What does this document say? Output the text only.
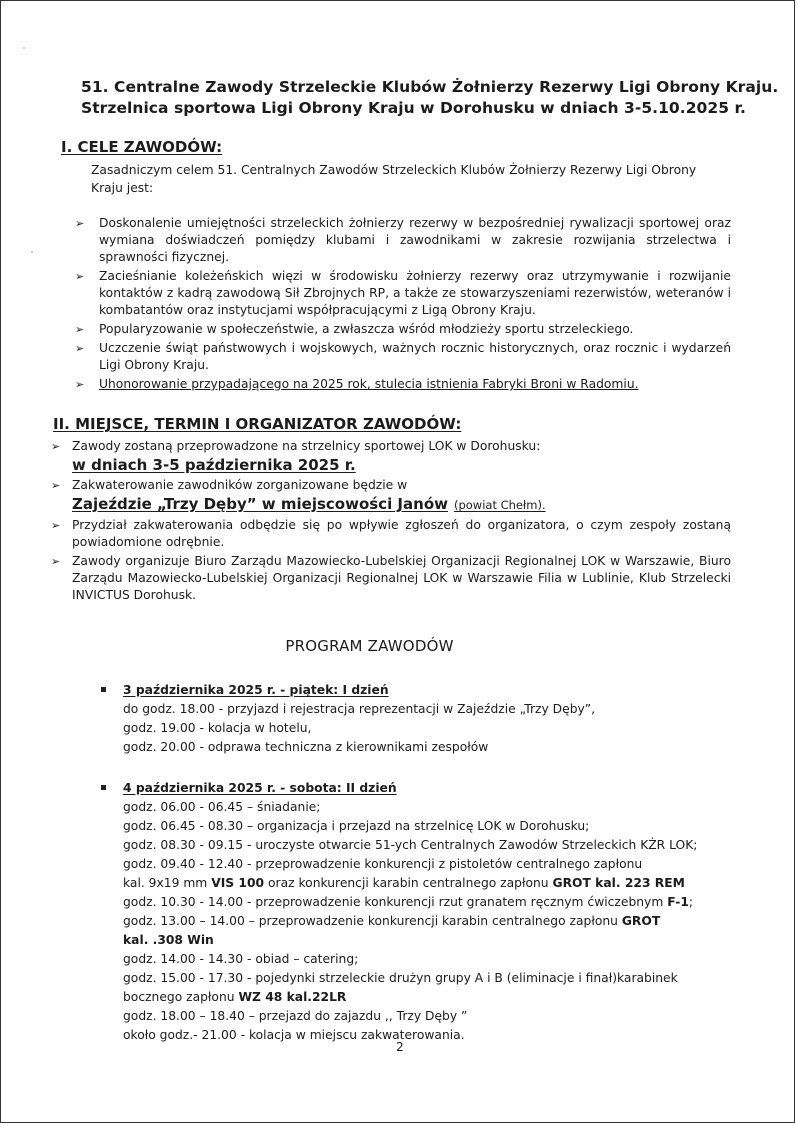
51. Centralne Zawody Strzeleckie Klubów Żołnierzy Rezerwy Ligi Obrony Kraju.
Strzelnica sportowa Ligi Obrony Kraju w Dorohusku w dniach 3-5.10.2025 r.
I. CELE ZAWODÓW:
Zasadniczym celem 51. Centralnych Zawodów Strzeleckich Klubów Żołnierzy Rezerwy Ligi Obrony Kraju jest:
➢ Doskonalenie umiejętności strzeleckich żołnierzy rezerwy w bezpośredniej rywalizacji sportowej oraz wymiana doświadczeń pomiędzy klubami i zawodnikami w zakresie rozwijania strzelectwa i sprawności fizycznej.
➢ Zacieśnianie koleżeńskich więzi w środowisku żołnierzy rezerwy oraz utrzymywanie i rozwijanie kontaktów z kadrą zawodową Sił Zbrojnych RP, a także ze stowarzyszeniami rezerwistów, weteranów i kombatantów oraz instytucjami współpracującymi z Ligą Obrony Kraju.
➢ Popularyzowanie w społeczeństwie, a zwłaszcza wśród młodzieży sportu strzeleckiego.
➢ Uczczenie świąt państwowych i wojskowych, ważnych rocznic historycznych, oraz rocznic i wydarzeń Ligi Obrony Kraju.
➢ Uhonorowanie przypadającego na 2025 rok, stulecia istnienia Fabryki Broni w Radomiu.
II. MIEJSCE, TERMIN I ORGANIZATOR ZAWODÓW:
➢ Zawody zostaną przeprowadzone na strzelnicy sportowej LOK w Dorohusku:
w dniach 3-5 października 2025 r.
➢ Zakwaterowanie zawodników zorganizowane będzie w
Zajeździe „Trzy Dęby” w miejscowości Janów (powiat Chełm).
➢ Przydział zakwaterowania odbędzie się po wpływie zgłoszeń do organizatora, o czym zespoły zostaną powiadomione odrębnie.
➢ Zawody organizuje Biuro Zarządu Mazowiecko-Lubelskiej Organizacji Regionalnej LOK w Warszawie, Biuro Zarządu Mazowiecko-Lubelskiej Organizacji Regionalnej LOK w Warszawie Filia w Lublinie, Klub Strzelecki INVICTUS Dorohusk.
PROGRAM ZAWODÓW
3 października 2025 r. - piątek: I dzień
do godz. 18.00 - przyjazd i rejestracja reprezentacji w Zajeździe „Trzy Dęby”,
godz. 19.00 - kolacja w hotelu,
godz. 20.00 - odprawa techniczna z kierownikami zespołów
4 października 2025 r. - sobota: II dzień
godz. 06.00 - 06.45 – śniadanie;
godz. 06.45 - 08.30 – organizacja i przejazd na strzelnicę LOK w Dorohusku;
godz. 08.30 - 09.15 - uroczyste otwarcie 51-ych Centralnych Zawodów Strzeleckich KŻR LOK;
godz. 09.40 - 12.40 - przeprowadzenie konkurencji z pistoletów centralnego zapłonu
kal. 9x19 mm VIS 100 oraz konkurencji karabin centralnego zapłonu GROT kal. 223 REM
godz. 10.30 - 14.00 - przeprowadzenie konkurencji rzut granatem ręcznym ćwiczebnym F-1;
godz. 13.00 – 14.00 – przeprowadzenie konkurencji karabin centralnego zapłonu GROT
kal. .308 Win
godz. 14.00 - 14.30 - obiad – catering;
godz. 15.00 - 17.30 - pojedynki strzeleckie drużyn grupy A i B (eliminacje i finał)karabinek
bocznego zapłonu WZ 48 kal.22LR
godz. 18.00 – 18.40 – przejazd do zajazdu ,, Trzy Dęby ”
około godz.- 21.00 - kolacja w miejscu zakwaterowania.
2
